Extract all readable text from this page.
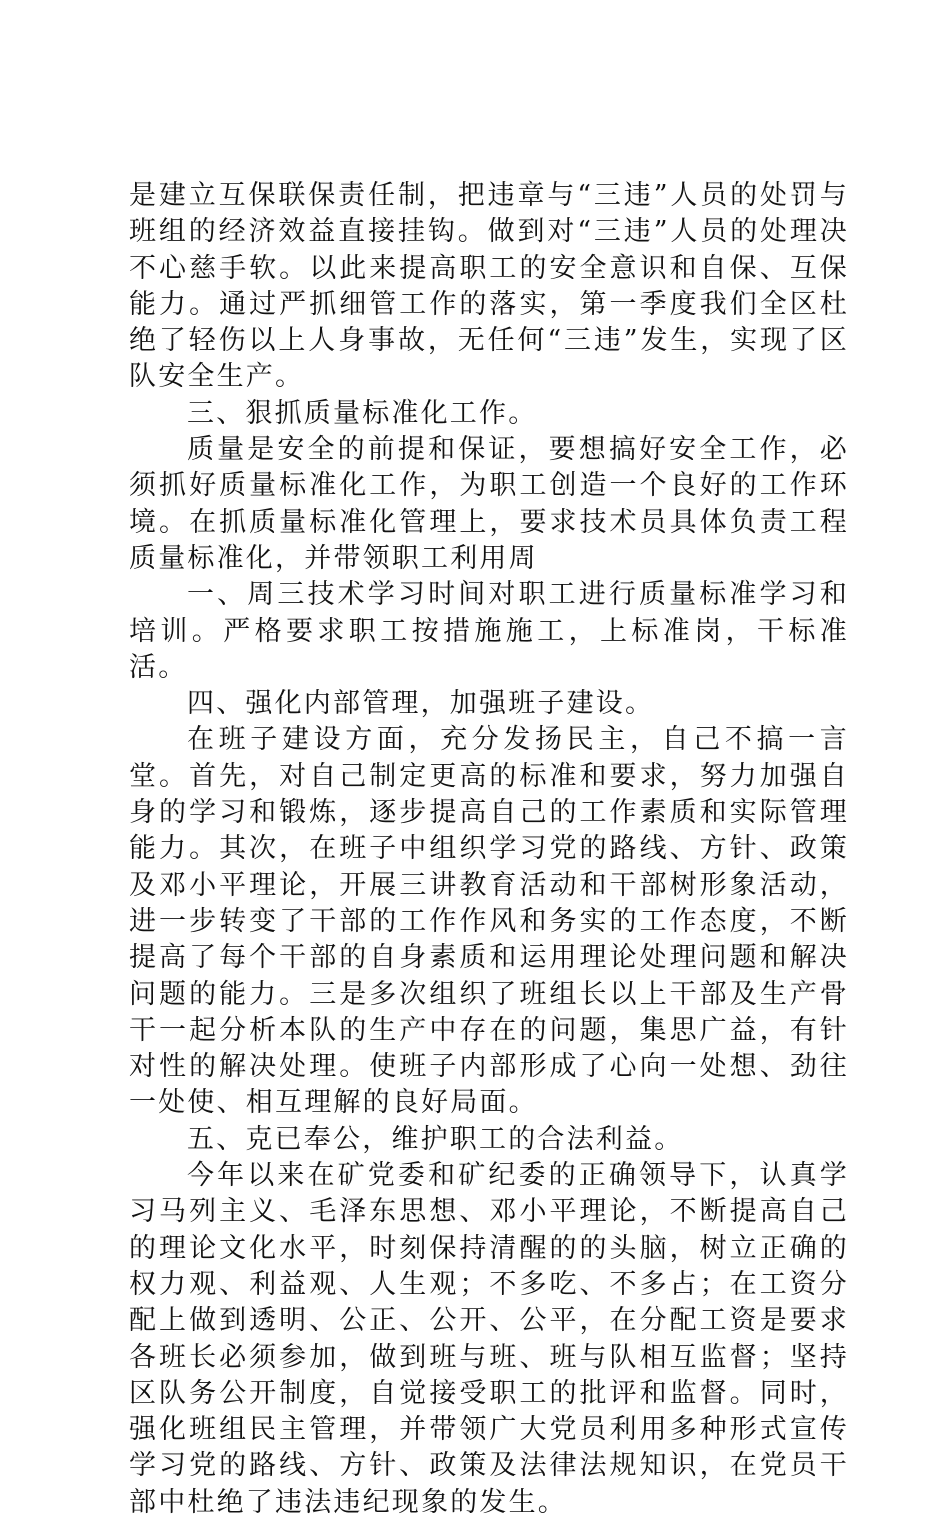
是建立互保联保责任制，把违章与“三违”人员的处罚与班组的经济效益直接挂钩。做到对“三违”人员的处理决不心慈手软。以此来提高职工的安全意识和自保、互保能力。通过严抓细管工作的落实，第一季度我们全区杜绝了轻伤以上人身事故，无任何“三违”发生，实现了区队安全生产。

三、狠抓质量标准化工作。

质量是安全的前提和保证，要想搞好安全工作，必须抓好质量标准化工作，为职工创造一个良好的工作环境。在抓质量标准化管理上，要求技术员具体负责工程质量标准化，并带领职工利用周

一、周三技术学习时间对职工进行质量标准学习和培训。严格要求职工按措施施工，上标准岗，干标准活。

四、强化内部管理，加强班子建设。

在班子建设方面，充分发扬民主，自己不搞一言堂。首先，对自己制定更高的标准和要求，努力加强自身的学习和锻炼，逐步提高自己的工作素质和实际管理能力。其次，在班子中组织学习党的路线、方针、政策及邓小平理论，开展三讲教育活动和干部树形象活动，进一步转变了干部的工作作风和务实的工作态度，不断提高了每个干部的自身素质和运用理论处理问题和解决问题的能力。三是多次组织了班组长以上干部及生产骨干一起分析本队的生产中存在的问题，集思广益，有针对性的解决处理。使班子内部形成了心向一处想、劲往一处使、相互理解的良好局面。

五、克已奉公，维护职工的合法利益。

今年以来在矿党委和矿纪委的正确领导下，认真学习马列主义、毛泽东思想、邓小平理论，不断提高自己的理论文化水平，时刻保持清醒的的头脑，树立正确的权力观、利益观、人生观；不多吃、不多占；在工资分配上做到透明、公正、公开、公平，在分配工资是要求各班长必须参加，做到班与班、班与队相互监督；坚持区队务公开制度，自觉接受职工的批评和监督。同时，强化班组民主管理，并带领广大党员利用多种形式宣传学习党的路线、方针、政策及法律法规知识，在党员干部中杜绝了违法违纪现象的发生。
